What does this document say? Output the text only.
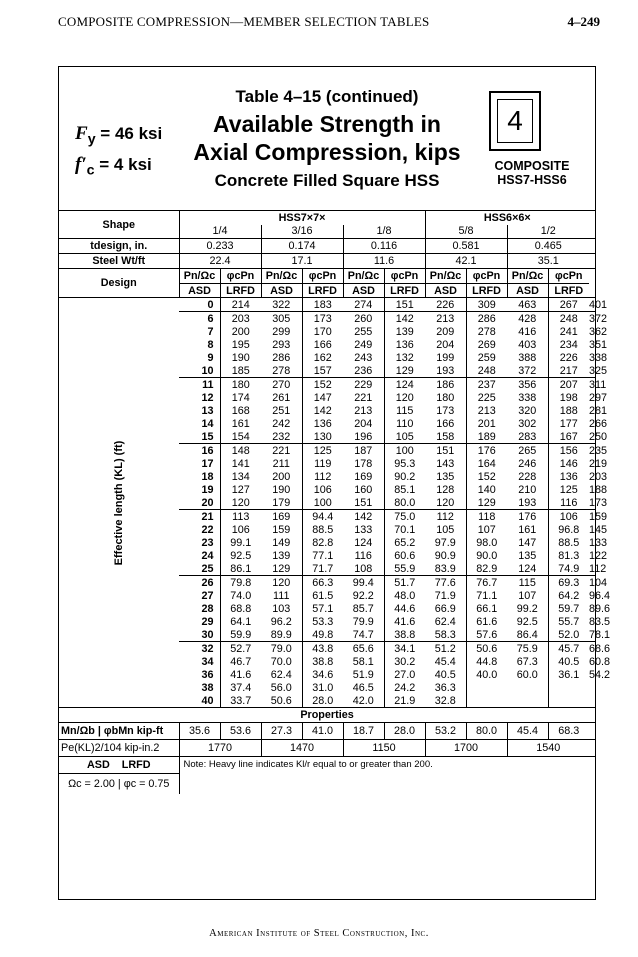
COMPOSITE COMPRESSION—MEMBER SELECTION TABLES	4–249
$F_y = 46$ ksi
$f'_c = 4$ ksi
Table 4–15 (continued)
Available Strength in
Axial Compression, kips
Concrete Filled Square HSS
4
COMPOSITE
HSS7-HSS6
Shape	HSS7×7×						HSS6×6×					
	1/4		3/16		1/8		5/8		1/2			
tdesign, in.	0.233		0.174		0.116		0.581		0.465			
Steel Wt/ft	22.4		17.1		11.6		42.1		35.1			
Design	Pn/Ωc	φcPn	Pn/Ωc	φcPn	Pn/Ωc	φcPn	Pn/Ωc	φcPn	Pn/Ωc	φcPn		
	ASD	LRFD	ASD	LRFD	ASD	LRFD	ASD	LRFD	ASD	LRFD		

Effective length (KL) (ft)	0	214	322	183	274	151	226	309	463	267	401	
	6	203	305	173	260	142	213	286	428	248	372	
	7	200	299	170	255	139	209	278	416	241	362	
	8	195	293	166	249	136	204	269	403	234	351	
	9	190	286	162	243	132	199	259	388	226	338	
	10	185	278	157	236	129	193	248	372	217	325	
	11	180	270	152	229	124	186	237	356	207	311	
	12	174	261	147	221	120	180	225	338	198	297	
	13	168	251	142	213	115	173	213	320	188	281	
	14	161	242	136	204	110	166	201	302	177	266	
	15	154	232	130	196	105	158	189	283	167	250	
	16	148	221	125	187	100	151	176	265	156	235	
	17	141	211	119	178	95.3	143	164	246	146	219	
	18	134	200	112	169	90.2	135	152	228	136	203	
	19	127	190	106	160	85.1	128	140	210	125	188	
	20	120	179	100	151	80.0	120	129	193	116	173	
	21	113	169	94.4	142	75.0	112	118	176	106	159	
	22	106	159	88.5	133	70.1	105	107	161	96.8	145	
	23	99.1	149	82.8	124	65.2	97.9	98.0	147	88.5	133	
	24	92.5	139	77.1	116	60.6	90.9	90.0	135	81.3	122	
	25	86.1	129	71.7	108	55.9	83.9	82.9	124	74.9	112	
	26	79.8	120	66.3	99.4	51.7	77.6	76.7	115	69.3	104	
	27	74.0	111	61.5	92.2	48.0	71.9	71.1	107	64.2	96.4	
	28	68.8	103	57.1	85.7	44.6	66.9	66.1	99.2	59.7	89.6	
	29	64.1	96.2	53.3	79.9	41.6	62.4	61.6	92.5	55.7	83.5	
	30	59.9	89.9	49.8	74.7	38.8	58.3	57.6	86.4	52.0	78.1	
	32	52.7	79.0	43.8	65.6	34.1	51.2	50.6	75.9	45.7	68.6	
	34	46.7	70.0	38.8	58.1	30.2	45.4	44.8	67.3	40.5	60.8	
	36	41.6	62.4	34.6	51.9	27.0	40.5	40.0	60.0	36.1	54.2	
	38	37.4	56.0	31.0	46.5	24.2	36.3					
	40	33.7	50.6	28.0	42.0	21.9	32.8					
Properties												
Mn/Ωb | φbMn kip-ft	35.6	53.6	27.3	41.0	18.7	28.0	53.2	80.0	45.4	68.3		
Pe(KL)2/104 kip-in.2	1770		1470		1150		1700		1540			
ASD LRFD	Note: Heavy line indicates Kl/r equal to or greater than 200.											
Ωc = 2.00 | φc = 0.75												
American Institute of Steel Construction, Inc.
